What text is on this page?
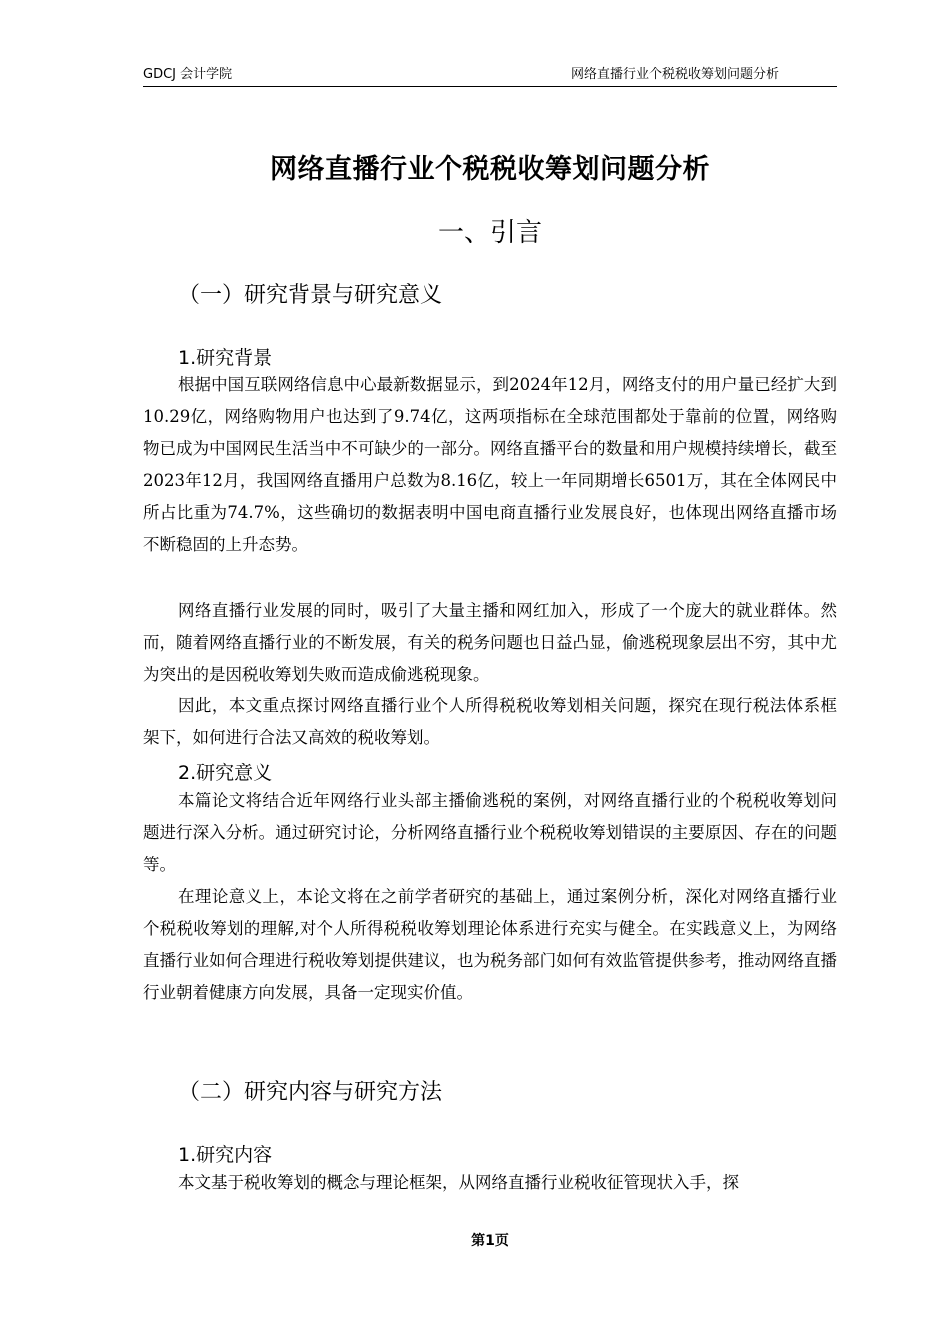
GDCJ 会计学院	网络直播行业个税税收筹划问题分析
网络直播行业个税税收筹划问题分析
一、引言
（一）研究背景与研究意义
1.研究背景

根据中国互联网络信息中心最新数据显示，到2024年12月，网络支付的用户量已经扩大到10.29亿，网络购物用户也达到了9.74亿，这两项指标在全球范围都处于靠前的位置，网络购物已成为中国网民生活当中不可缺少的一部分。网络直播平台的数量和用户规模持续增长，截至2023年12月，我国网络直播用户总数为8.16亿，较上一年同期增长6501万，其在全体网民中所占比重为74.7%，这些确切的数据表明中国电商直播行业发展良好，也体现出网络直播市场不断稳固的上升态势。

网络直播行业发展的同时，吸引了大量主播和网红加入，形成了一个庞大的就业群体。然而，随着网络直播行业的不断发展，有关的税务问题也日益凸显，偷逃税现象层出不穷，其中尤为突出的是因税收筹划失败而造成偷逃税现象。

因此，本文重点探讨网络直播行业个人所得税税收筹划相关问题，探究在现行税法体系框架下，如何进行合法又高效的税收筹划。

2.研究意义

本篇论文将结合近年网络行业头部主播偷逃税的案例，对网络直播行业的个税税收筹划问题进行深入分析。通过研究讨论，分析网络直播行业个税税收筹划错误的主要原因、存在的问题等。

在理论意义上，本论文将在之前学者研究的基础上，通过案例分析，深化对网络直播行业个税税收筹划的理解,对个人所得税税收筹划理论体系进行充实与健全。在实践意义上，为网络直播行业如何合理进行税收筹划提供建议，也为税务部门如何有效监管提供参考，推动网络直播行业朝着健康方向发展，具备一定现实价值。

（二）研究内容与研究方法
1.研究内容

本文基于税收筹划的概念与理论框架，从网络直播行业税收征管现状入手，探

第1页
